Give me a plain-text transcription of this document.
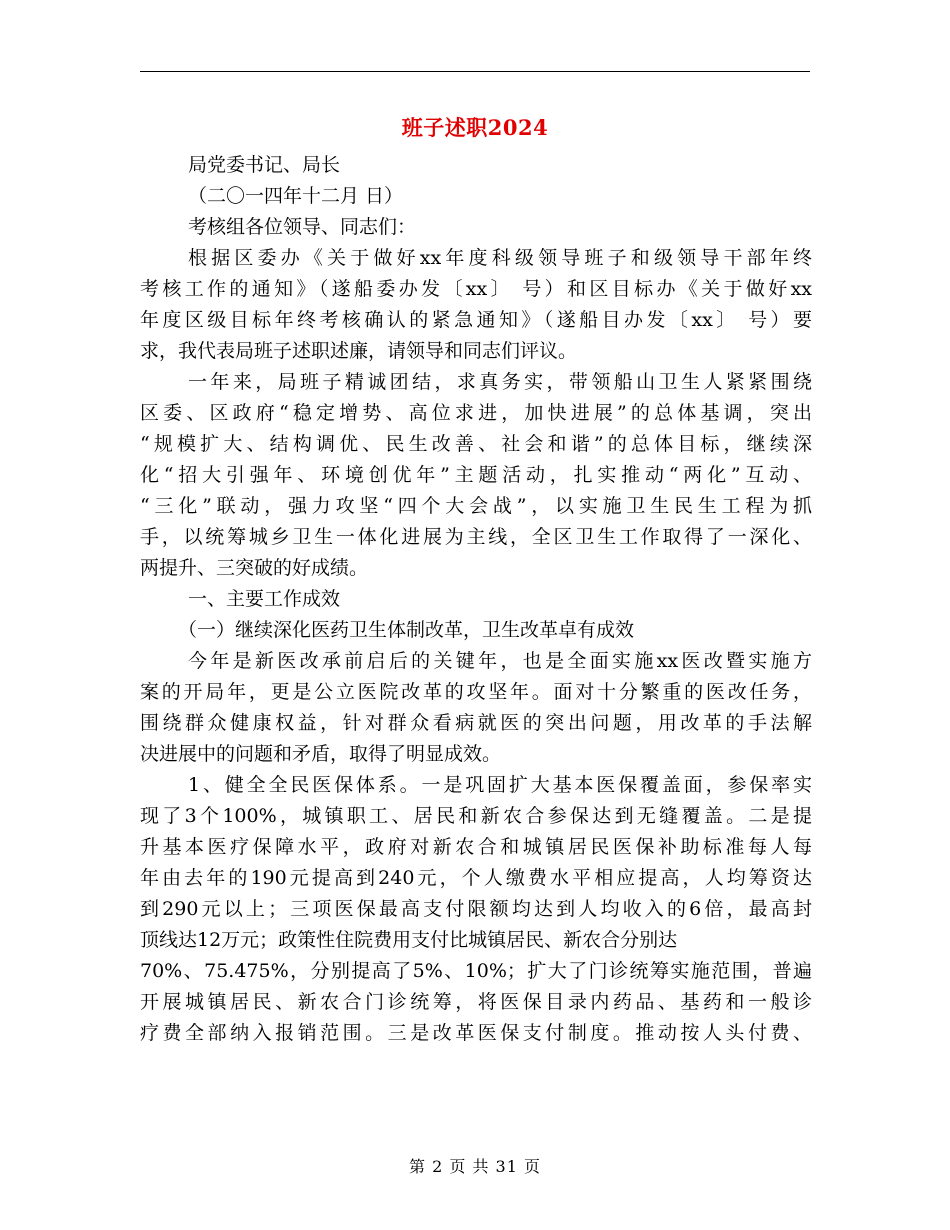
班子述职2024
局党委书记、局长
（二〇一四年十二月 日）
考核组各位领导、同志们：
根据区委办《关于做好xx年度科级领导班子和级领导干部年终
考核工作的通知》（遂船委办发〔xx〕 号）和区目标办《关于做好xx
年度区级目标年终考核确认的紧急通知》（遂船目办发〔xx〕 号）要
求，我代表局班子述职述廉，请领导和同志们评议。
一年来，局班子精诚团结，求真务实，带领船山卫生人紧紧围绕
区委、区政府“稳定增势、高位求进，加快进展”的总体基调，突出
“规模扩大、结构调优、民生改善、社会和谐”的总体目标，继续深
化“招大引强年、环境创优年”主题活动，扎实推动“两化”互动、
“三化”联动，强力攻坚“四个大会战”，以实施卫生民生工程为抓
手，以统筹城乡卫生一体化进展为主线，全区卫生工作取得了一深化、
两提升、三突破的好成绩。
一、主要工作成效
（一）继续深化医药卫生体制改革，卫生改革卓有成效
今年是新医改承前启后的关键年，也是全面实施xx医改暨实施方
案的开局年，更是公立医院改革的攻坚年。面对十分繁重的医改任务，
围绕群众健康权益，针对群众看病就医的突出问题，用改革的手法解
决进展中的问题和矛盾，取得了明显成效。
1、健全全民医保体系。一是巩固扩大基本医保覆盖面，参保率实
现了3个100%，城镇职工、居民和新农合参保达到无缝覆盖。二是提
升基本医疗保障水平，政府对新农合和城镇居民医保补助标准每人每
年由去年的190元提高到240元，个人缴费水平相应提高，人均筹资达
到290元以上；三项医保最高支付限额均达到人均收入的6倍，最高封
顶线达12万元；政策性住院费用支付比城镇居民、新农合分别达
70%、75.475%，分别提高了5%、10%；扩大了门诊统筹实施范围，普遍
开展城镇居民、新农合门诊统筹，将医保目录内药品、基药和一般诊
疗费全部纳入报销范围。三是改革医保支付制度。推动按人头付费、
第 2 页 共 31 页
